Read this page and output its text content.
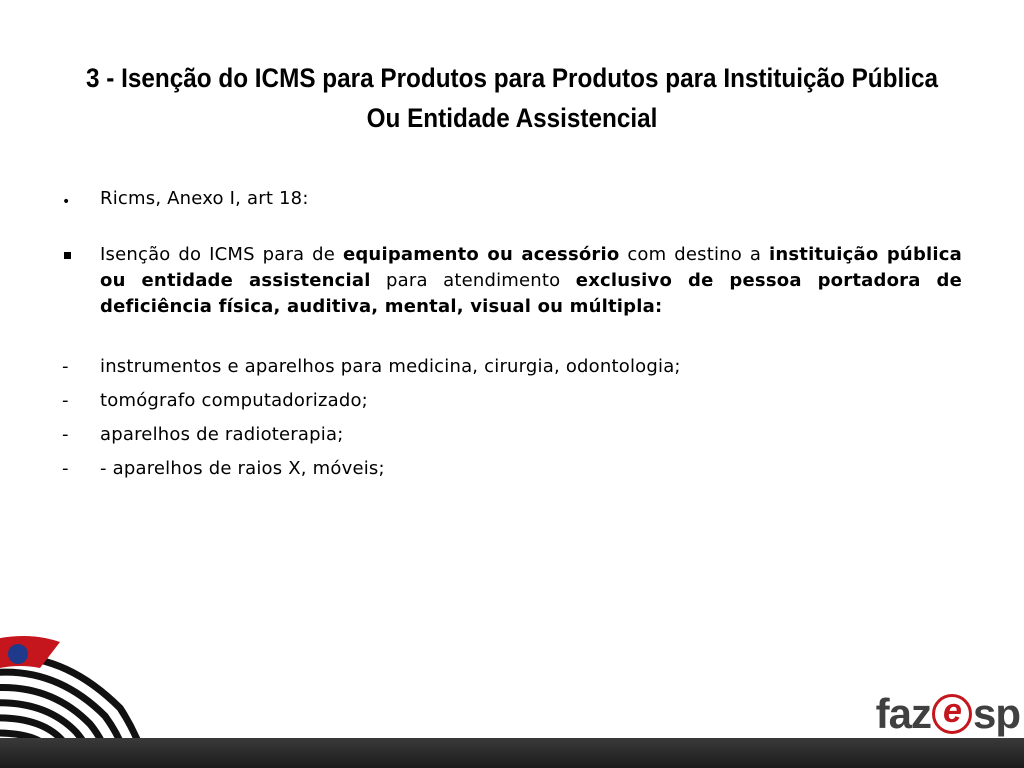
3 - Isenção do ICMS para Produtos para Produtos para Instituição Pública Ou Entidade Assistencial
• Ricms, Anexo I, art 18:
Isenção do ICMS para de equipamento ou acessório com destino a instituição pública ou entidade assistencial para atendimento exclusivo de pessoa portadora de deficiência física, auditiva, mental, visual ou múltipla:
- instrumentos e aparelhos para medicina, cirurgia, odontologia;
- tomógrafo computadorizado;
- aparelhos de radioterapia;
- - aparelhos de raios X, móveis;
faz e sp
